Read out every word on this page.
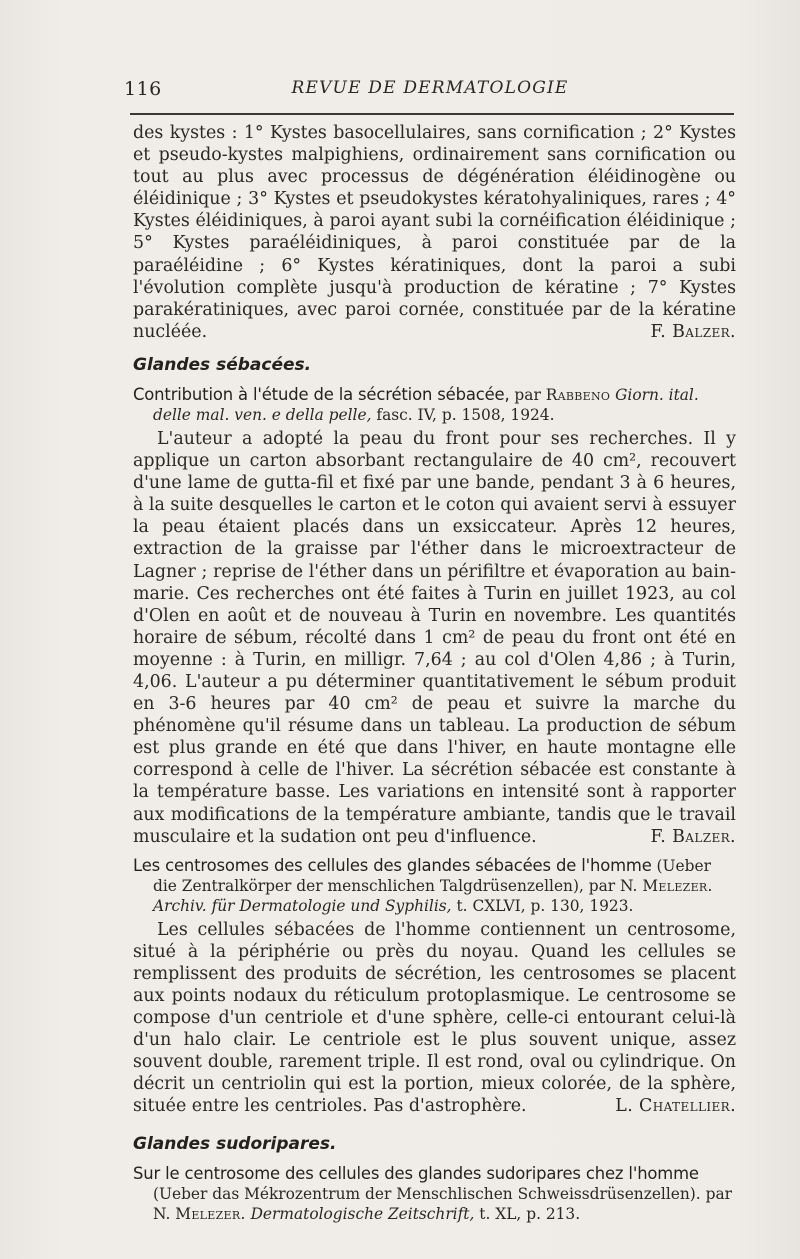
116	REVUE DE DERMATOLOGIE

des kystes : 1° Kystes basocellulaires, sans cornification ; 2° Kystes et pseudo-kystes malpighiens, ordinairement sans cornification ou tout au plus avec processus de dégénération éléidinogène ou éléidinique ; 3° Kystes et pseudokystes kératohyaliniques, rares ; 4° Kystes éléidiniques, à paroi ayant subi la cornéification éléidinique ; 5° Kystes paraéléidiniques, à paroi constituée par de la paraéléidine ; 6° Kystes kératiniques, dont la paroi a subi l'évolution complète jusqu'à production de kératine ; 7° Kystes parakératiniques, avec paroi cornée, constituée par de la kératine nucléée.	F. Balzer.

Glandes sébacées.

Contribution à l'étude de la sécrétion sébacée, par Rabbeno Giorn. ital. delle mal. ven. e della pelle, fasc. IV, p. 1508, 1924.

L'auteur a adopté la peau du front pour ses recherches. Il y applique un carton absorbant rectangulaire de 40 cm², recouvert d'une lame de gutta-fil et fixé par une bande, pendant 3 à 6 heures, à la suite desquelles le carton et le coton qui avaient servi à essuyer la peau étaient placés dans un exsiccateur. Après 12 heures, extraction de la graisse par l'éther dans le microextracteur de Lagner ; reprise de l'éther dans un périfiltre et évaporation au bain-marie. Ces recherches ont été faites à Turin en juillet 1923, au col d'Olen en août et de nouveau à Turin en novembre. Les quantités horaire de sébum, récolté dans 1 cm² de peau du front ont été en moyenne : à Turin, en milligr. 7,64 ; au col d'Olen 4,86 ; à Turin, 4,06. L'auteur a pu déterminer quantitativement le sébum produit en 3-6 heures par 40 cm² de peau et suivre la marche du phénomène qu'il résume dans un tableau. La production de sébum est plus grande en été que dans l'hiver, en haute montagne elle correspond à celle de l'hiver. La sécrétion sébacée est constante à la température basse. Les variations en intensité sont à rapporter aux modifications de la température ambiante, tandis que le travail musculaire et la sudation ont peu d'influence.	F. Balzer.

Les centrosomes des cellules des glandes sébacées de l'homme (Ueber die Zentralkörper der menschlichen Talgdrüsenzellen), par N. Melezer. Archiv. für Dermatologie und Syphilis, t. CXLVI, p. 130, 1923.

Les cellules sébacées de l'homme contiennent un centrosome, situé à la périphérie ou près du noyau. Quand les cellules se remplissent des produits de sécrétion, les centrosomes se placent aux points nodaux du réticulum protoplasmique. Le centrosome se compose d'un centriole et d'une sphère, celle-ci entourant celui-là d'un halo clair. Le centriole est le plus souvent unique, assez souvent double, rarement triple. Il est rond, oval ou cylindrique. On décrit un centriolin qui est la portion, mieux colorée, de la sphère, située entre les centrioles. Pas d'astrophère.	L. Chatellier.

Glandes sudoripares.

Sur le centrosome des cellules des glandes sudoripares chez l'homme (Ueber das Mékrozentrum der Menschlischen Schweissdrüsenzellen). par N. Melezer. Dermatologische Zeitschrift, t. XL, p. 213.
